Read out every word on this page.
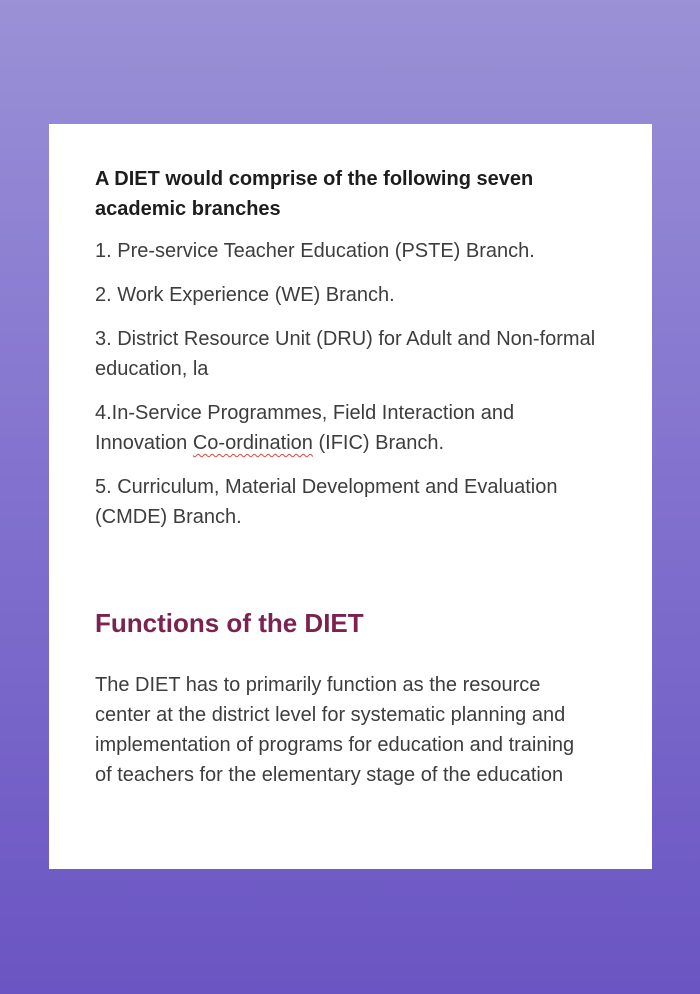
A DIET would comprise of the following seven academic branches
1. Pre-service Teacher Education (PSTE) Branch.
2. Work Experience (WE) Branch.
3. District Resource Unit (DRU) for Adult and Non-formal education, la
4.In-Service Programmes, Field Interaction and Innovation Co-ordination (IFIC) Branch.
5. Curriculum, Material Development and Evaluation (CMDE) Branch.
Functions of the DIET

The DIET has to primarily function as the resource center at the district level for systematic planning and implementation of programs for education and training of teachers for the elementary stage of the education
